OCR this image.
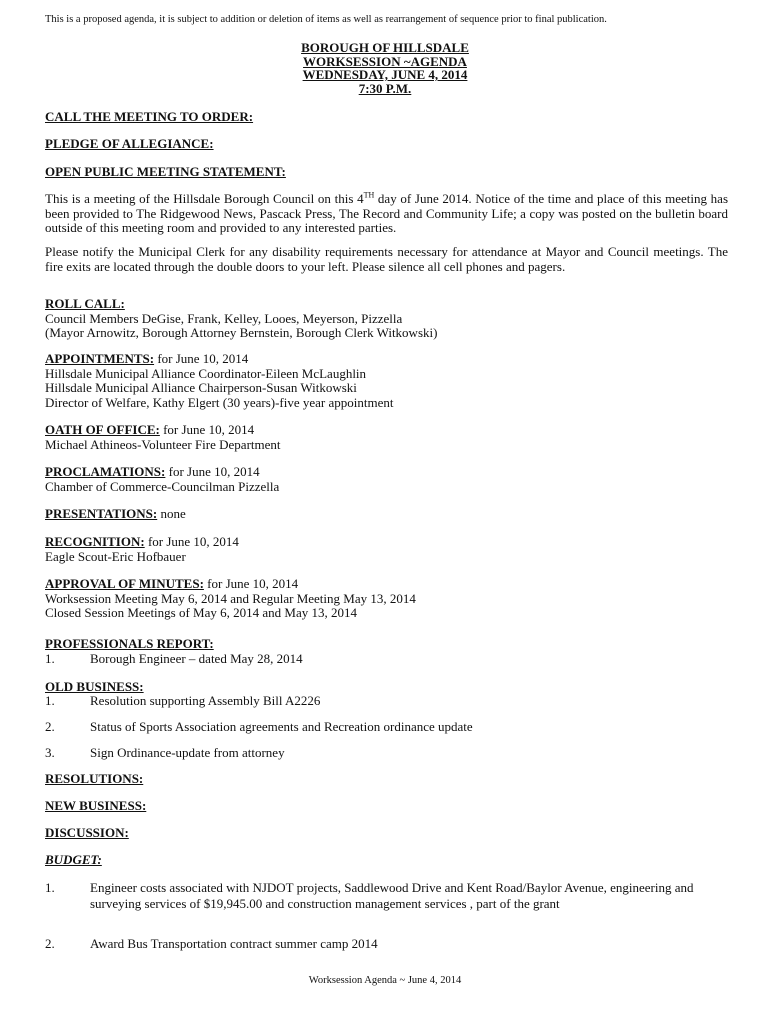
This is a proposed agenda, it is subject to addition or deletion of items as well as rearrangement of sequence prior to final publication.
BOROUGH OF HILLSDALE
WORKSESSION ~AGENDA
WEDNESDAY, JUNE 4, 2014
7:30 P.M.
CALL THE MEETING TO ORDER:
PLEDGE OF ALLEGIANCE:
OPEN PUBLIC MEETING STATEMENT:
This is a meeting of the Hillsdale Borough Council on this 4TH day of June 2014. Notice of the time and place of this meeting has been provided to The Ridgewood News, Pascack Press, The Record and Community Life; a copy was posted on the bulletin board outside of this meeting room and provided to any interested parties.
Please notify the Municipal Clerk for any disability requirements necessary for attendance at Mayor and Council meetings. The fire exits are located through the double doors to your left. Please silence all cell phones and pagers.
ROLL CALL:
Council Members DeGise, Frank, Kelley, Looes, Meyerson, Pizzella
(Mayor Arnowitz, Borough Attorney Bernstein, Borough Clerk Witkowski)
APPOINTMENTS: for June 10, 2014
Hillsdale Municipal Alliance Coordinator-Eileen McLaughlin
Hillsdale Municipal Alliance Chairperson-Susan Witkowski
Director of Welfare, Kathy Elgert (30 years)-five year appointment
OATH OF OFFICE: for June 10, 2014
Michael Athineos-Volunteer Fire Department
PROCLAMATIONS: for June 10, 2014
Chamber of Commerce-Councilman Pizzella
PRESENTATIONS: none
RECOGNITION: for June 10, 2014
Eagle Scout-Eric Hofbauer
APPROVAL OF MINUTES: for June 10, 2014
Worksession Meeting May 6, 2014 and Regular Meeting May 13, 2014
Closed Session Meetings of May 6, 2014 and May 13, 2014
PROFESSIONALS REPORT:
1.	Borough Engineer – dated May 28, 2014
OLD BUSINESS:
1.	Resolution supporting Assembly Bill A2226
2.	Status of Sports Association agreements and Recreation ordinance update
3.	Sign Ordinance-update from attorney
RESOLUTIONS:
NEW BUSINESS:
DISCUSSION:
BUDGET:
1.	Engineer costs associated with NJDOT projects, Saddlewood Drive and Kent Road/Baylor Avenue, engineering and surveying services of $19,945.00 and construction management services , part of the grant
2.	Award Bus Transportation contract summer camp 2014
Worksession Agenda ~ June 4, 2014
